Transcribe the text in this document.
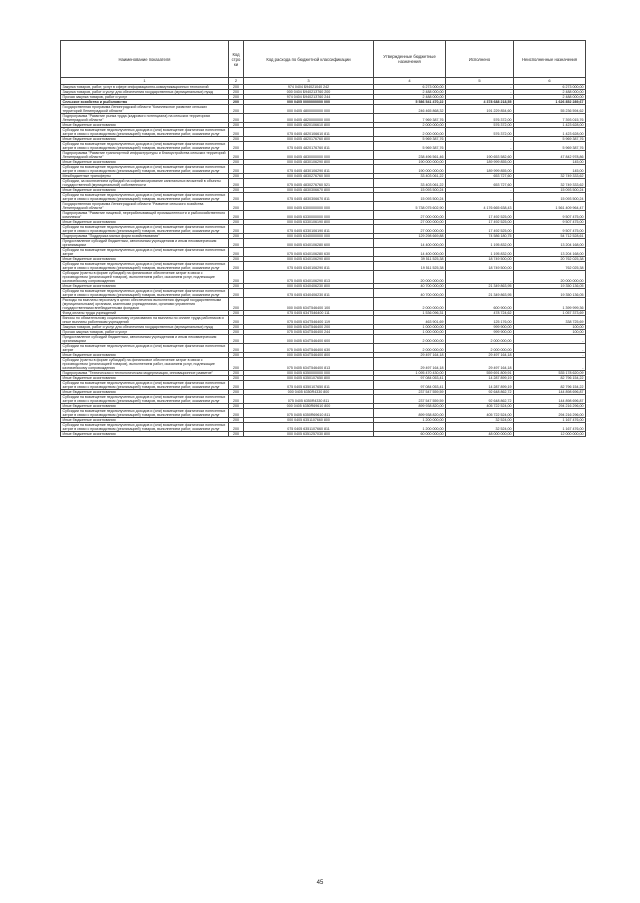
Наименование показателя	Код стро ки	Код расхода по бюджетной классификации	Утвержденные бюджетные назначения	Исполнено	Неисполненные назначения
1	2	3	4	5	6
Закупка товаров, работ, услуг в сфере информационно-коммуникационных технологий	200	974 0404 Б94021040 242	6 273 000,00	-	6 273 000,00
Закупка товаров, работ и услуг для обеспечения государственных (муниципальных) нужд	200	000 0404 Б94021З760 200	2 488 000,00	-	2 488 000,00
Прочая закупка товаров, работ и услуг	200	974 0404 Б94021З760 244	2 488 000,00	-	2 488 000,00
Сельское хозяйство и рыболовство	200	000 0405 0000000000 000	5 586 541 470,22	4 378 688 218,55	1 626 852 289,67
Государственная программа Ленинградской области "Комплексное развитие сельских территорий Ленинградской области"	200	000 0405 4800000000 000	246 465 868,32	191 229 854,60	55 236 594,62
Подпрограмма "Развитие рынка труда (кадрового потенциала) на сельских территориях Ленинградской области"	200	000 0405 4820000000 000	7 969 387,76	576 372,00	7 393 015,76
Иные бюджетные ассигнования	200	000 0405 4820106610 800	2 000 000,00	576 372,00	1 423 628,00
Субсидии на возмещение недополученных доходов и (или) возмещение фактически понесенных затрат в связи с производством (реализацией) товаров, выполнением работ, оказанием услуг	200	075 0405 4820106610 811	2 000 000,00	576 372,00	1 423 628,00
Иные бюджетные ассигнования	200	000 0405 4820176760 800	5 969 387,76	-	5 969 387,76
Субсидии на возмещение недополученных доходов и (или) возмещение фактически понесенных затрат в связи с производством (реализацией) товаров, выполнением работ, оказанием услуг	200	075 0405 4820176760 811	5 969 387,76	-	5 969 387,76
Подпрограмма "Развитие транспортной инфраструктуры и благоустройства сельских территорий Ленинградской области"	200	000 0405 4830000000 000	238 496 561,46	190 653 582,60	47 842 978,86
Иные бюджетные ассигнования	200	000 0405 4830106290 800	190 000 000,00	189 999 855,00	145,00
Субсидии на возмещение недополученных доходов и (или) возмещение фактически понесенных затрат в связи с производством (реализацией) товаров, выполнением работ, оказанием услуг	200	075 0405 4830106290 811	190 000 000,00	189 999 855,00	145,00
Межбюджетные трансферты	200	000 0405 4830276760 500	33 403 061,22	653 727,60	32 749 333,62
Субсидии, за исключением субсидий на софинансирование капитальных вложений в объекты государственной (муниципальной) собственности	200	075 0405 4830276760 521	33 403 061,22	653 727,60	32 749 333,62
Иные бюджетные ассигнования	200	000 0405 4830306670 800	15 093 500,24	-	15 093 500,24
Субсидии на возмещение недополученных доходов и (или) возмещение фактически понесенных затрат в связи с производством (реализацией) товаров, выполнением работ, оказанием услуг	200	075 0405 4830306670 811	15 093 500,24	-	15 093 500,24
Государственная программа Ленинградской области "Развитие сельского хозяйства Ленинградской области"	200	000 0405 6300000000 000	5 738 075 602,90	4 176 665 638,43	1 561 409 964,47
Подпрограмма "Развитие пищевой, перерабатывающей промышленности и рыбохозяйственного комплекса"	200	000 0405 6330000000 000	27 000 000,00	17 492 525,00	9 507 475,00
Иные бюджетные ассигнования	200	000 0405 6330106190 800	27 000 000,00	17 492 525,00	9 507 475,00
Субсидии на возмещение недополученных доходов и (или) возмещение фактически понесенных затрат в связи с производством (реализацией) товаров, выполнением работ, оказанием услуг	200	075 0405 6330106190 811	27 000 000,00	17 492 525,00	9 507 475,00
Подпрограмма "Поддержка малых форм хозяйствования"	200	000 0405 6340000000 000	129 298 669,88	74 586 180,75	54 712 528,61
Предоставление субсидий бюджетным, автономным учреждениям и иным некоммерческим организациям	200	000 0405 6340106280 600	14 400 000,00	1 195 832,00	13 204 168,00
Субсидии на возмещение недополученных доходов и (или) возмещение фактически понесенных затрат	200	075 0405 6340106280 630	14 400 000,00	1 195 832,00	13 204 168,00
Иные бюджетные ассигнования	200	000 0405 6340106290 800	39 511 525,38	18 749 500,00	20 762 025,38
Субсидии на возмещение недополученных доходов и (или) возмещение фактически понесенных затрат в связи с производством (реализацией) товаров, выполнением работ, оказанием услуг	200	075 0405 6340106290 811	19 511 525,38	18 749 500,00	762 025,38
Субсидии (гранты в форме субсидий) на финансовое обеспечение затрат в связи с производством (реализацией товаров), выполнением работ, оказанием услуг, подлежащие казначейскому сопровождению	200	075 0405 6340106290 813	20 000 000,00	-	20 000 000,00
Иные бюджетные ассигнования	200	000 0405 6340406230 800	40 700 000,00	21 349 863,95	19 350 136,05
Субсидии на возмещение недополученных доходов и (или) возмещение фактически понесенных затрат в связи с производством (реализацией) товаров, выполнением работ, оказанием услуг	200	075 0405 6340406230 811	40 700 000,00	21 349 863,95	19 350 136,05
Расходы на выплаты персоналу в целях обеспечения выполнения функций государственными (муниципальными) органами, казенными учреждениями, органами управления государственными внебюджетными фондами	200	000 0405 634Т546400 100	2 000 000,00	600 900,00	1 399 999,36
Фонд оплаты труда учреждений	200	075 0405 634Т546400 111	1 536 096,31	478 724,62	1 057 373,69
Взносы по обязательному социальному страхованию на выплаты по оплате труда работников и иные выплаты работникам учреждений	200	075 0405 634Т546400 119	463 901,69	125 176,00	338 725,69
Закупка товаров, работ и услуг для обеспечения государственных (муниципальных) нужд	200	000 0405 634Т546400 200	1 000 000,00	999 900,00	100,00
Прочая закупка товаров, работ и услуг	200	075 0405 634Т546400 244	1 000 000,00	999 900,00	100,00
Предоставление субсидий бюджетным, автономным учреждениям и иным некоммерческим организациям	200	000 0405 634Т546400 600	2 000 000,00	2 000 000,00	-
Субсидии на возмещение недополученных доходов и (или) возмещение фактически понесенных затрат	200	075 0405 634Т546400 630	2 000 000,00	2 000 000,00	-
Иные бюджетные ассигнования	200	000 0405 634Т546400 800	29 497 164,18	29 497 164,18	-
Субсидии (гранты в форме субсидий) на финансовое обеспечение затрат в связи с производством (реализацией товаров), выполнением работ, оказанием услуг, подлежащие казначейскому сопровождению	200	075 0405 634Т546400 813	29 497 164,18	29 497 164,18	-
Подпрограмма "Техническая и технологическая модернизация, инновационное развитие"	200	000 0405 6350000000 000	1 095 470 430,00	559 691 809,91	535 178 620,09
Иные бюджетные ассигнования	200	000 0405 6350107650 800	97 084 053,41	14 287 899,19	82 796 154,22
Субсидии на возмещение недополученных доходов и (или) возмещение фактически понесенных затрат в связи с производством (реализацией) товаров, выполнением работ, оказанием услуг	200	075 0405 6350107650 811	97 084 053,41	14 287 899,19	82 796 154,22
Иные бюджетные ассигнования	200	000 0405 6350R4330 800	237 547 559,59	92 648 862,72	144 898 696,87
Субсидии на возмещение недополученных доходов и (или) возмещение фактически понесенных затрат в связи с производством (реализацией) товаров, выполнением работ, оказанием услуг	200	075 0405 6350R4330 811	237 547 559,59	92 648 862,72	144 898 696,87
Иные бюджетные ассигнования	200	000 0405 6350R69610 800	899 938 820,00	405 722 524,00	294 216 296,00
Субсидии на возмещение недополученных доходов и (или) возмещение фактически понесенных затрат в связи с производством (реализацией) товаров, выполнением работ, оказанием услуг	200	075 0405 6350R69610 811	899 938 820,00	405 722 524,00	294 216 296,00
Иные бюджетные ассигнования	200	000 0405 6351107660 800	1 200 000,00	32 524,00	1 167 476,00
Субсидии на возмещение недополученных доходов и (или) возмещение фактически понесенных затрат в связи с производством (реализацией) товаров, выполнением работ, оказанием услуг	200	075 0405 6351107660 811	1 200 000,00	32 524,00	1 167 476,00
Иные бюджетные ассигнования	200	000 0405 6351257030 800	60 000 000,00	48 000 000,00	12 000 000,00
45
